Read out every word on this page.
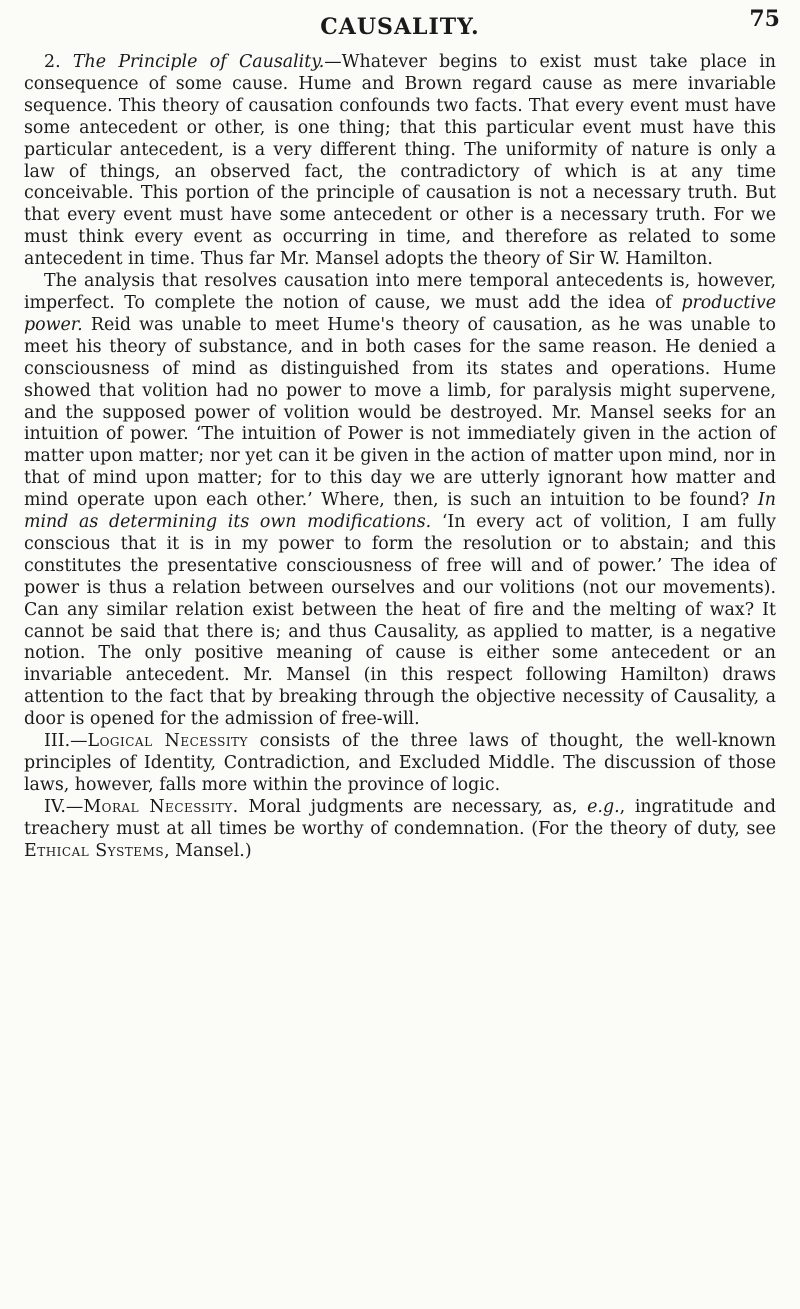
CAUSALITY.	75

2. The Principle of Causality.—Whatever begins to exist must take place in consequence of some cause. Hume and Brown regard cause as mere invariable sequence. This theory of causation confounds two facts. That every event must have some antecedent or other, is one thing; that this particular event must have this particular antecedent, is a very different thing. The uniformity of nature is only a law of things, an observed fact, the contradictory of which is at any time conceivable. This portion of the principle of causation is not a necessary truth. But that every event must have some antecedent or other is a necessary truth. For we must think every event as occurring in time, and therefore as related to some antecedent in time. Thus far Mr. Mansel adopts the theory of Sir W. Hamilton.

The analysis that resolves causation into mere temporal antecedents is, however, imperfect. To complete the notion of cause, we must add the idea of productive power. Reid was unable to meet Hume's theory of causation, as he was unable to meet his theory of substance, and in both cases for the same reason. He denied a consciousness of mind as distinguished from its states and operations. Hume showed that volition had no power to move a limb, for paralysis might supervene, and the supposed power of volition would be destroyed. Mr. Mansel seeks for an intuition of power. ‘The intuition of Power is not immediately given in the action of matter upon matter; nor yet can it be given in the action of matter upon mind, nor in that of mind upon matter; for to this day we are utterly ignorant how matter and mind operate upon each other.’ Where, then, is such an intuition to be found? In mind as determining its own modifications. ‘In every act of volition, I am fully conscious that it is in my power to form the resolution or to abstain; and this constitutes the presentative consciousness of free will and of power.’ The idea of power is thus a relation between ourselves and our volitions (not our movements). Can any similar relation exist between the heat of fire and the melting of wax? It cannot be said that there is; and thus Causality, as applied to matter, is a negative notion. The only positive meaning of cause is either some antecedent or an invariable antecedent. Mr. Mansel (in this respect following Hamilton) draws attention to the fact that by breaking through the objective necessity of Causality, a door is opened for the admission of free-will.

III.—Logical Necessity consists of the three laws of thought, the well-known principles of Identity, Contradiction, and Excluded Middle. The discussion of those laws, however, falls more within the province of logic.

IV.—Moral Necessity. Moral judgments are necessary, as, e.g., ingratitude and treachery must at all times be worthy of condemnation. (For the theory of duty, see Ethical Systems, Mansel.)
